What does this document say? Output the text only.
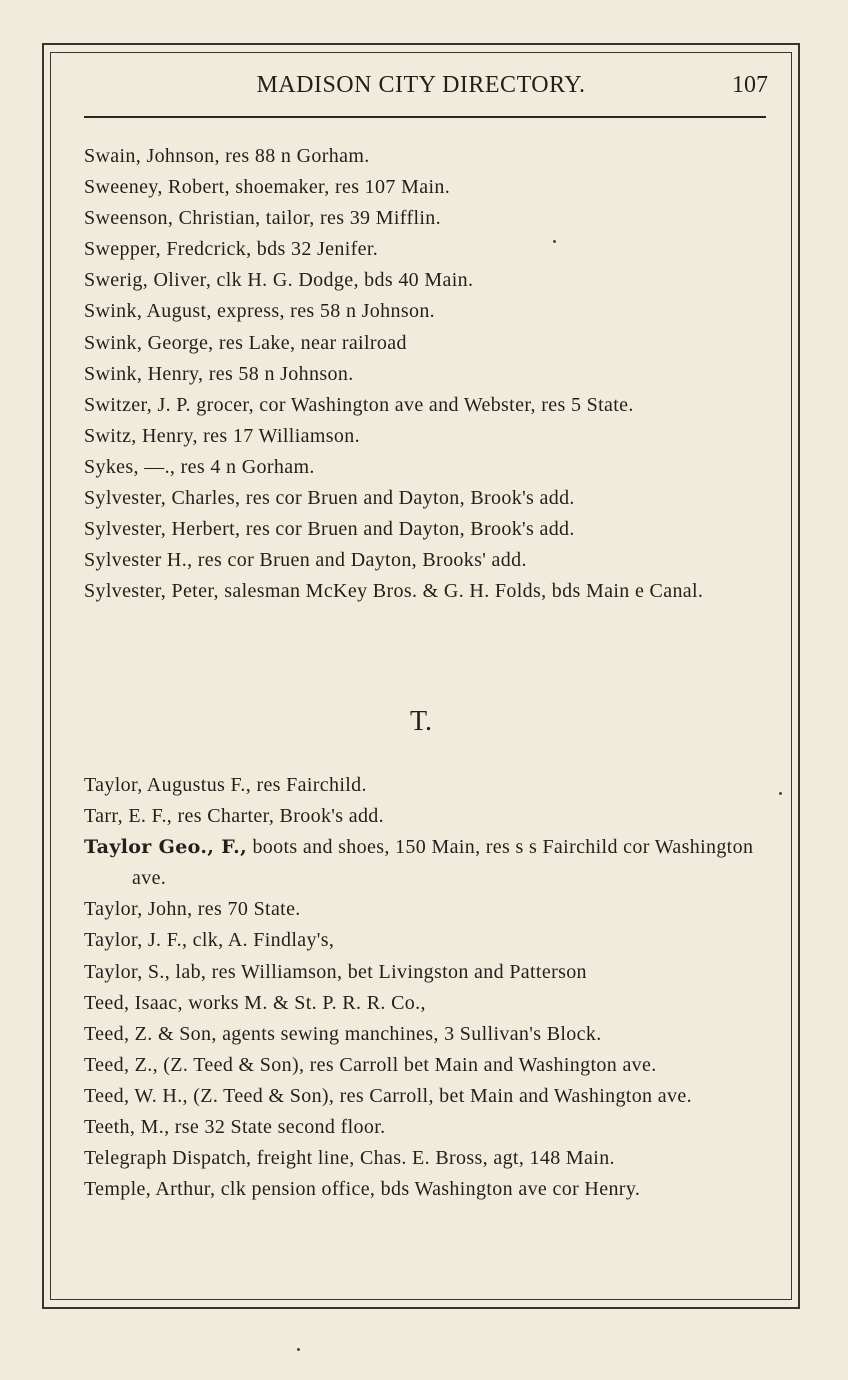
MADISON CITY DIRECTORY.	107
Swain, Johnson, res 88 n Gorham.
Sweeney, Robert, shoemaker, res 107 Main.
Sweenson, Christian, tailor, res 39 Mifflin.
Swepper, Fredcrick, bds 32 Jenifer.
Swerig, Oliver, clk H. G. Dodge, bds 40 Main.
Swink, August, express, res 58 n Johnson.
Swink, George, res Lake, near railroad
Swink, Henry, res 58 n Johnson.
Switzer, J. P. grocer, cor Washington ave and Webster, res 5 State.
Switz, Henry, res 17 Williamson.
Sykes, —., res 4 n Gorham.
Sylvester, Charles, res cor Bruen and Dayton, Brook's add.
Sylvester, Herbert, res cor Bruen and Dayton, Brook's add.
Sylvester H., res cor Bruen and Dayton, Brooks' add.
Sylvester, Peter, salesman McKey Bros. & G. H. Folds, bds Main e Canal.
T.
Taylor, Augustus F., res Fairchild.
Tarr, E. F., res Charter, Brook's add.
Taylor Geo., F., boots and shoes, 150 Main, res s s Fairchild cor Washington ave.
Taylor, John, res 70 State.
Taylor, J. F., clk, A. Findlay's,
Taylor, S., lab, res Williamson, bet Livingston and Patterson
Teed, Isaac, works M. & St. P. R. R. Co.,
Teed, Z. & Son, agents sewing manchines, 3 Sullivan's Block.
Teed, Z., (Z. Teed & Son), res Carroll bet Main and Washington ave.
Teed, W. H., (Z. Teed & Son), res Carroll, bet Main and Washington ave.
Teeth, M., rse 32 State second floor.
Telegraph Dispatch, freight line, Chas. E. Bross, agt, 148 Main.
Temple, Arthur, clk pension office, bds Washington ave cor Henry.
